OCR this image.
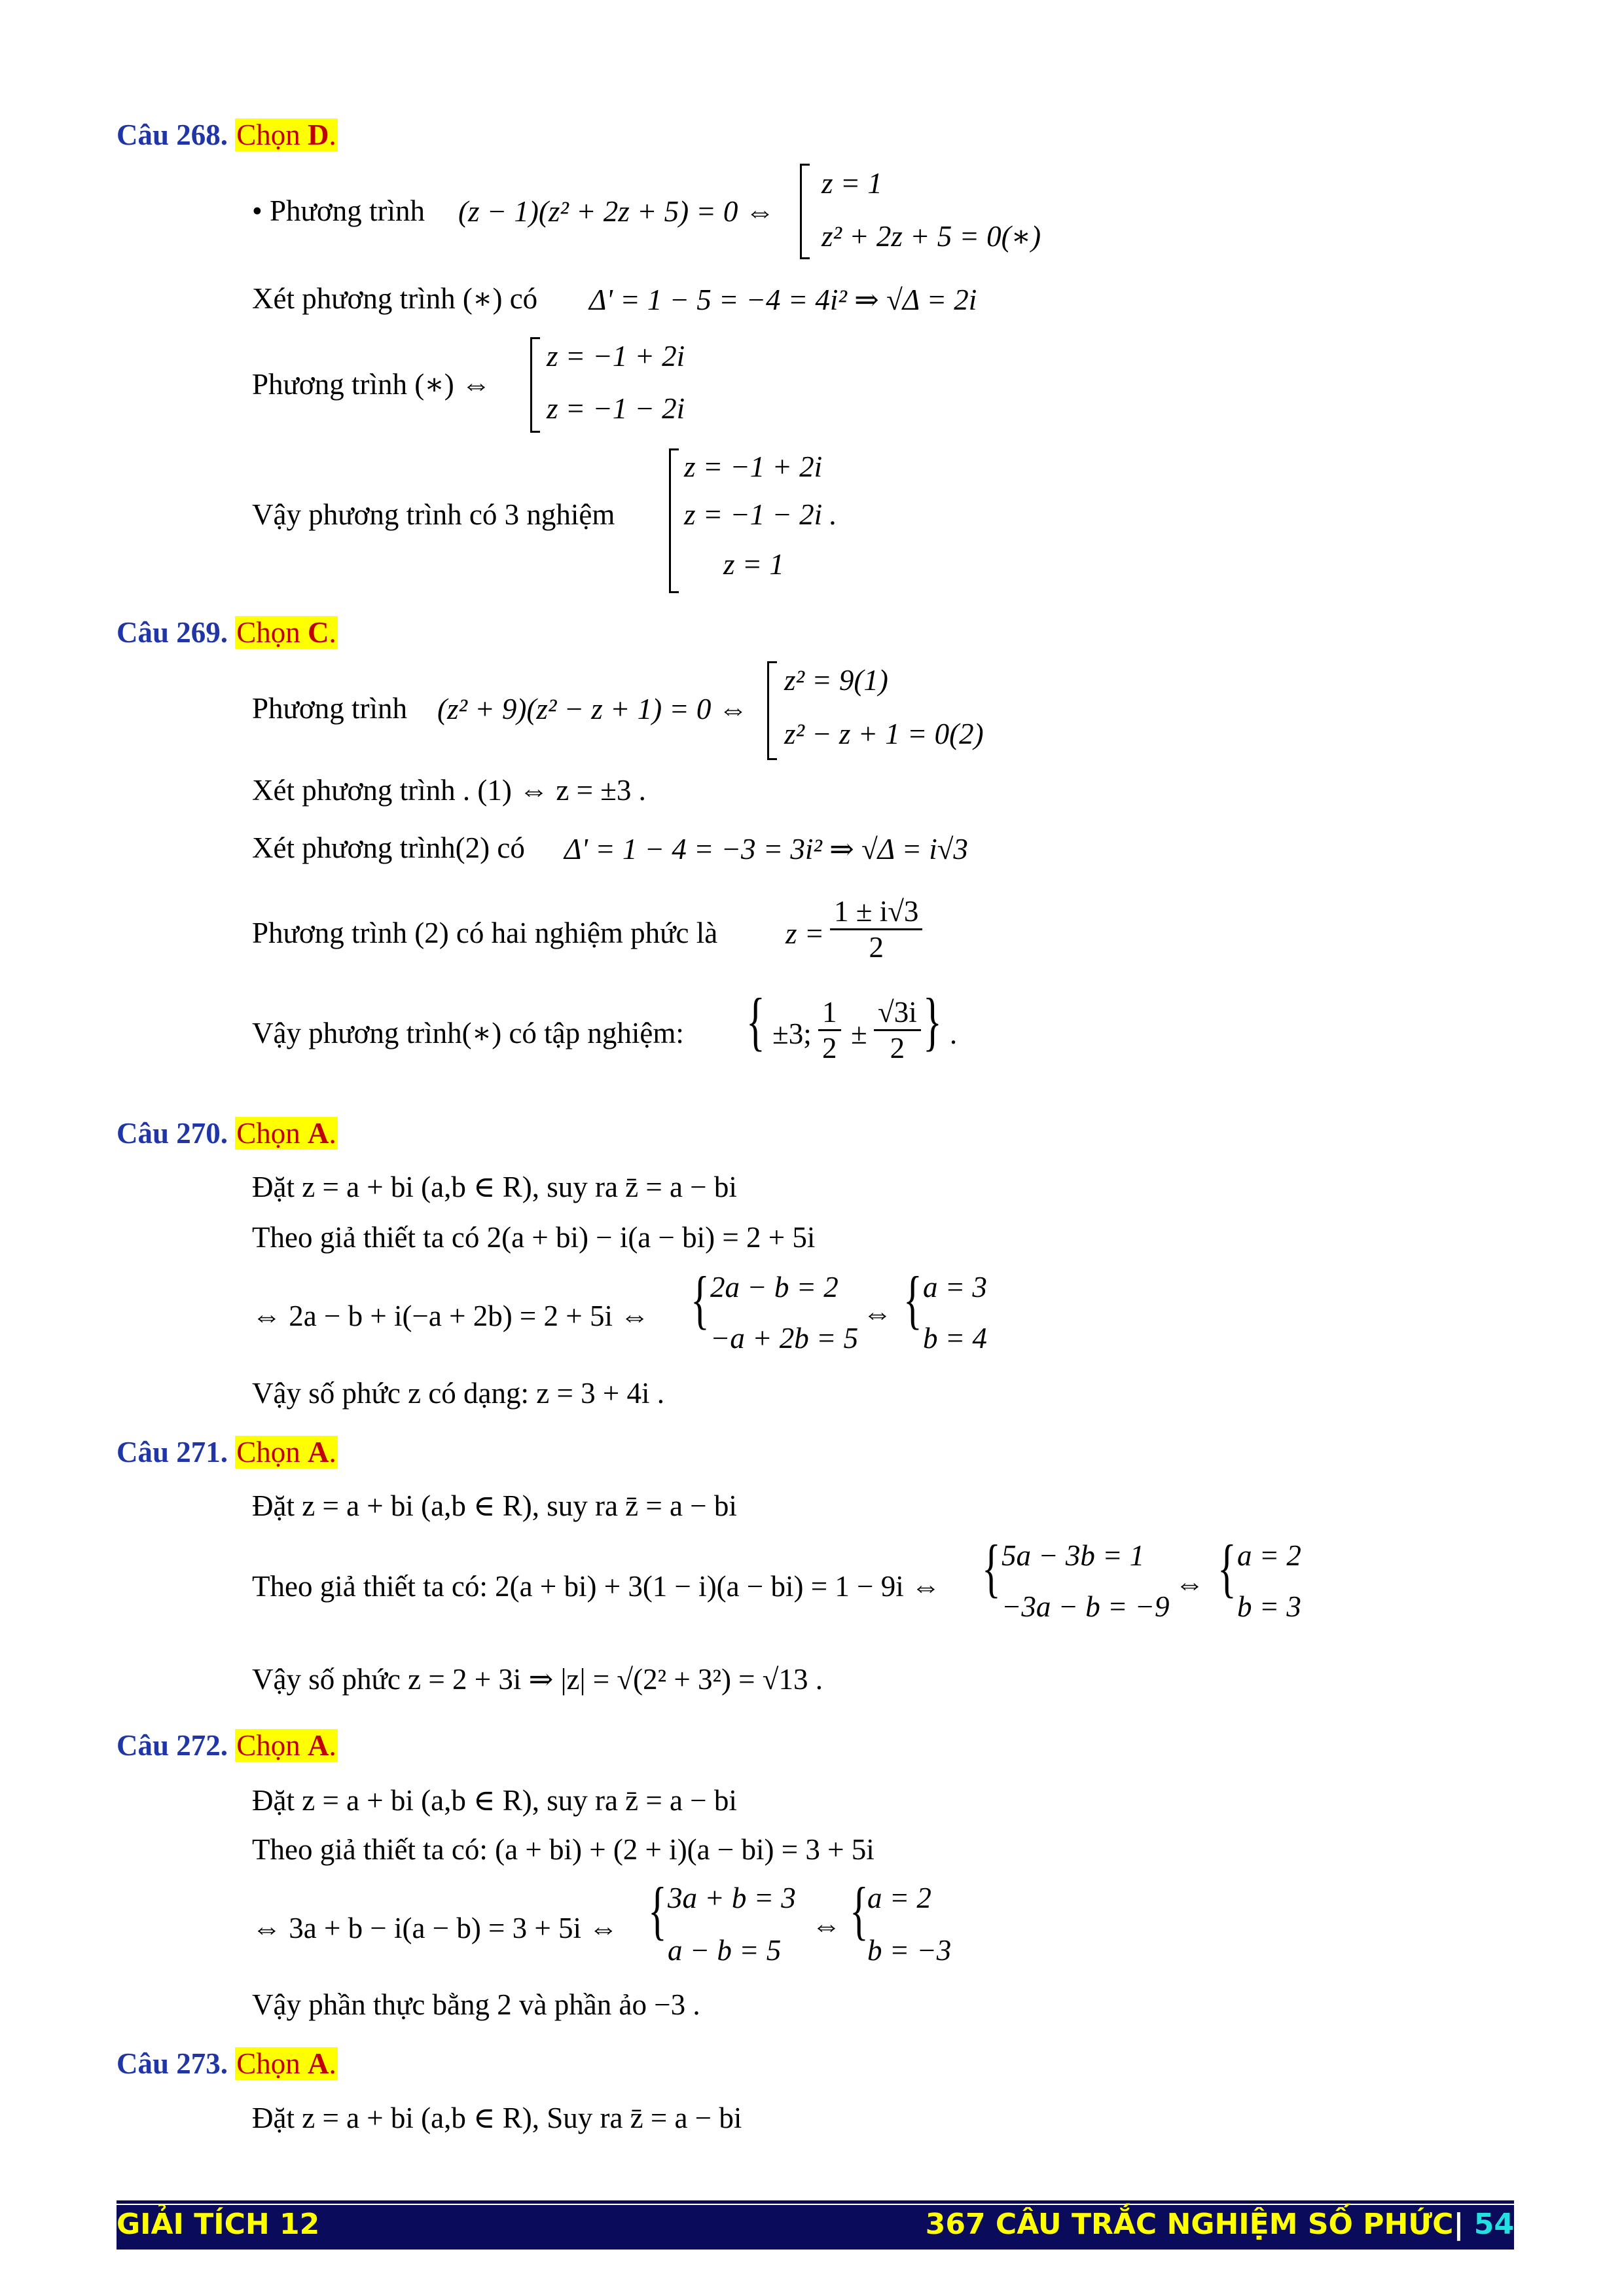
Câu 268. Chọn D.
• Phương trình (z − 1)(z² + 2z + 5) = 0 ⇔
z = 1
z² + 2z + 5 = 0(∗)
Xét phương trình (∗) có Δ' = 1 − 5 = −4 = 4i² ⇒ √Δ = 2i
Phương trình (∗) ⇔
z = −1 + 2i
z = −1 − 2i
Vậy phương trình có 3 nghiệm
z = −1 + 2i
z = −1 − 2i .
z = 1
Câu 269. Chọn C.
Phương trình (z² + 9)(z² − z + 1) = 0 ⇔
z² = 9(1)
z² − z + 1 = 0(2)
Xét phương trình . (1) ⇔ z = ±3 .
Xét phương trình(2) có Δ' = 1 − 4 = −3 = 3i² ⇒ √Δ = i√3
Phương trình (2) có hai nghiệm phức là $z = \frac{1 \pm i√3}{2}$
Vậy phương trình(∗) có tập nghiệm: { ±3; $\frac{1}{2} \pm \frac{√3i}{2}$ } .
Câu 270. Chọn A.
Đặt z = a + bi (a,b ∈ R), suy ra z̄ = a − bi
Theo giả thiết ta có 2(a + bi) − i(a − bi) = 2 + 5i
⇔ 2a − b + i(−a + 2b) = 2 + 5i ⇔ { 2a − b = 2
−a + 2b = 5
⇔ { a = 3
b = 4
Vậy số phức z có dạng: z = 3 + 4i .
Câu 271. Chọn A.
Đặt z = a + bi (a,b ∈ R), suy ra z̄ = a − bi
Theo giả thiết ta có: 2(a + bi) + 3(1 − i)(a − bi) = 1 − 9i ⇔ { 5a − 3b = 1
−3a − b = −9
⇔ { a = 2
b = 3
Vậy số phức z = 2 + 3i ⇒ |z| = √(2² + 3²) = √13 .
Câu 272. Chọn A.
Đặt z = a + bi (a,b ∈ R), suy ra z̄ = a − bi
Theo giả thiết ta có: (a + bi) + (2 + i)(a − bi) = 3 + 5i
⇔ 3a + b − i(a − b) = 3 + 5i ⇔ { 3a + b = 3
a − b = 5
⇔ {
a = 2
b = −3
Vậy phần thực bằng 2 và phần ảo −3 .
Câu 273. Chọn A.
Đặt z = a + bi (a,b ∈ R), Suy ra z̄ = a − bi
GIẢI TÍCH 12	367 CÂU TRẮC NGHIỆM SỐ PHỨC| 54
